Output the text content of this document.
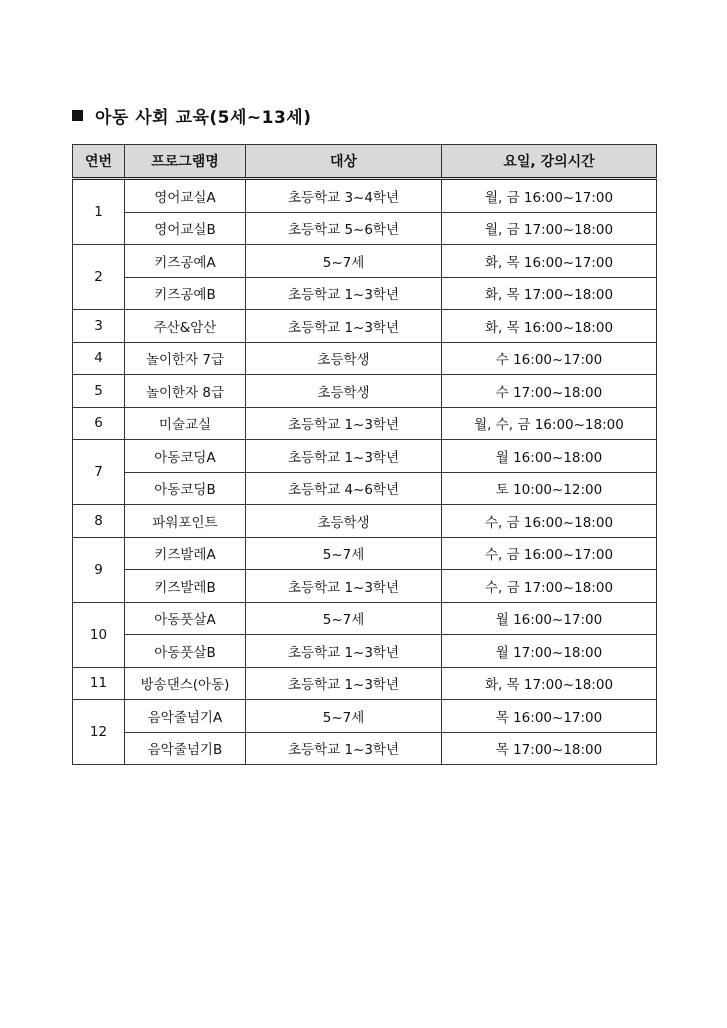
아동 사회 교육(5세~13세)
연번	프로그램명	대상	요일, 강의시간
1	영어교실A	초등학교 3~4학년	월, 금 16:00~17:00
	영어교실B	초등학교 5~6학년	월, 금 17:00~18:00
2	키즈공예A	5~7세	화, 목 16:00~17:00
	키즈공예B	초등학교 1~3학년	화, 목 17:00~18:00
3	주산&암산	초등학교 1~3학년	화, 목 16:00~18:00
4	놀이한자 7급	초등학생	수 16:00~17:00
5	놀이한자 8급	초등학생	수 17:00~18:00
6	미술교실	초등학교 1~3학년	월, 수, 금 16:00~18:00
7	아동코딩A	초등학교 1~3학년	월 16:00~18:00
	아동코딩B	초등학교 4~6학년	토 10:00~12:00
8	파워포인트	초등학생	수, 금 16:00~18:00
9	키즈발레A	5~7세	수, 금 16:00~17:00
	키즈발레B	초등학교 1~3학년	수, 금 17:00~18:00
10	아동풋살A	5~7세	월 16:00~17:00
	아동풋살B	초등학교 1~3학년	월 17:00~18:00
11	방송댄스(아동)	초등학교 1~3학년	화, 목 17:00~18:00
12	음악줄넘기A	5~7세	목 16:00~17:00
	음악줄넘기B	초등학교 1~3학년	목 17:00~18:00
